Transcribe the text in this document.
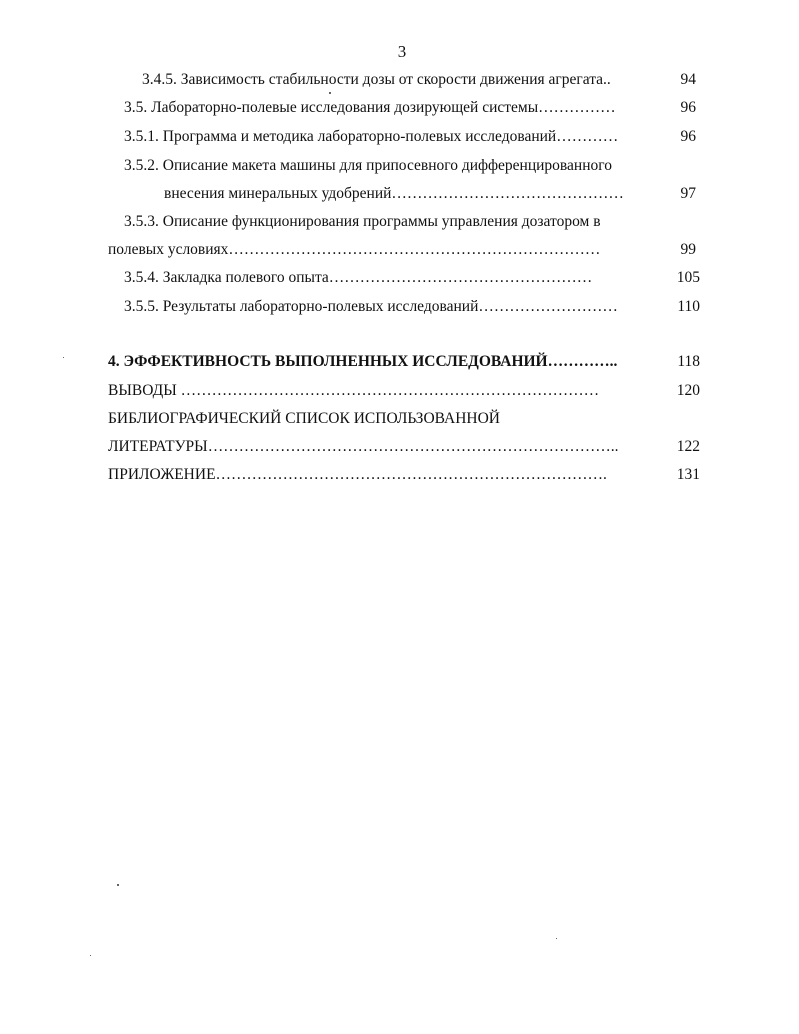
3
3.4.5. Зависимость стабильности дозы от скорости движения агрегата..	94
3.5. Лабораторно-полевые исследования дозирующей системы……………	96
3.5.1. Программа и методика лабораторно-полевых исследований…………	96
3.5.2. Описание макета машины для припосевного дифференцированного
внесения минеральных удобрений………………………………………	97
3.5.3. Описание функционирования программы управления дозатором в
полевых условиях………………………………………………………………	99
3.5.4. Закладка полевого опыта……………………………………………	105
3.5.5. Результаты лабораторно-полевых исследований………………………	110
4. ЭФФЕКТИВНОСТЬ ВЫПОЛНЕННЫХ ИССЛЕДОВАНИЙ…………..	118
ВЫВОДЫ ………………………………………………………………………	120
БИБЛИОГРАФИЧЕСКИЙ СПИСОК ИСПОЛЬЗОВАННОЙ
ЛИТЕРАТУРЫ……………………………………………………………………..	122
ПРИЛОЖЕНИЕ………………………………………………………………….	131
